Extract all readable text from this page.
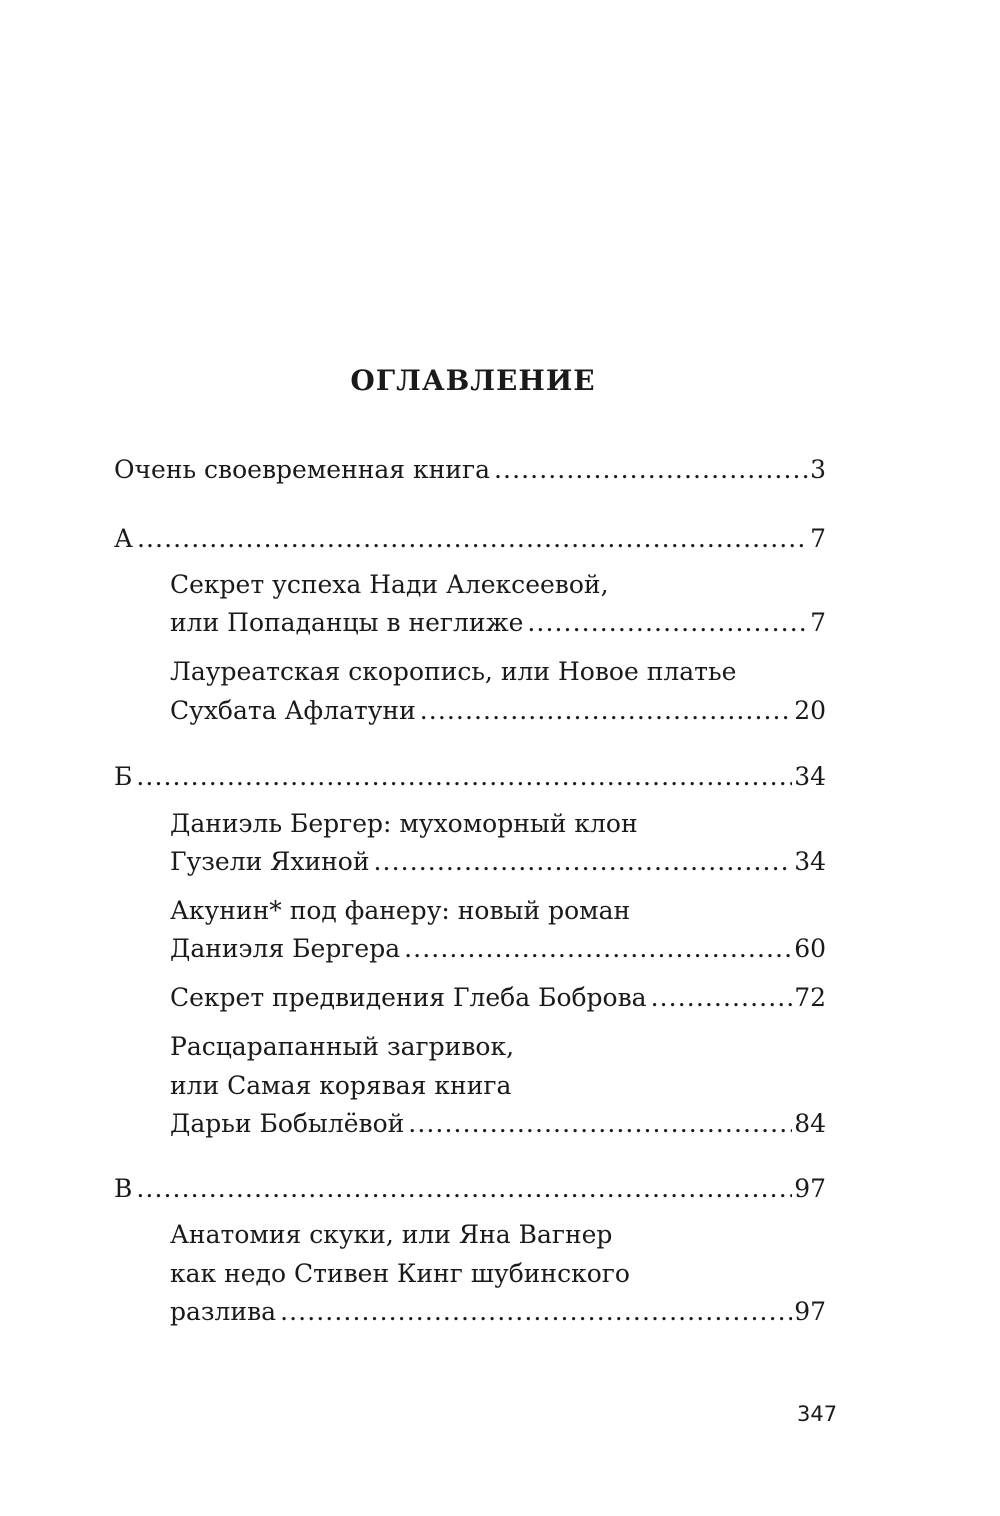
ОГЛАВЛЕНИЕ
Очень своевременная книга .....	3
А .....	7
Секрет успеха Нади Алексеевой,
или Попаданцы в неглиже .....	7
Лауреатская скоропись, или Новое платье
Сухбата Афлатуни .....	20
Б .....	34
Даниэль Бергер: мухоморный клон
Гузели Яхиной .....	34
Акунин* под фанеру: новый роман
Даниэля Бергера .....	60
Секрет предвидения Глеба Боброва .....	72
Расцарапанный загривок,
или Самая корявая книга
Дарьи Бобылёвой .....	84
В .....	97
Анатомия скуки, или Яна Вагнер
как недо Стивен Кинг шубинского
разлива .....	97
347
